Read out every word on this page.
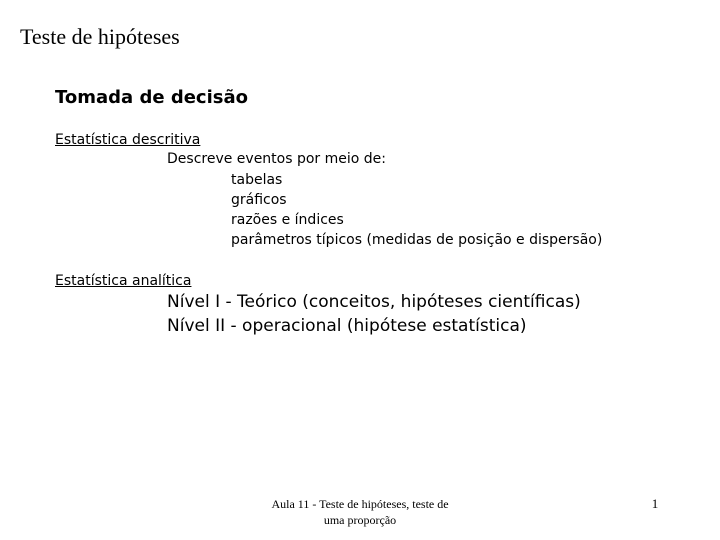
Teste de hipóteses
Tomada de decisão
Estatística descritiva
Descreve eventos por meio de:
tabelas
gráficos
razões e índices
parâmetros típicos (medidas de posição e dispersão)
Estatística analítica
Nível I - Teórico (conceitos, hipóteses científicas)
Nível II - operacional (hipótese estatística)
Aula 11 - Teste de hipóteses, teste de
uma proporção
1
